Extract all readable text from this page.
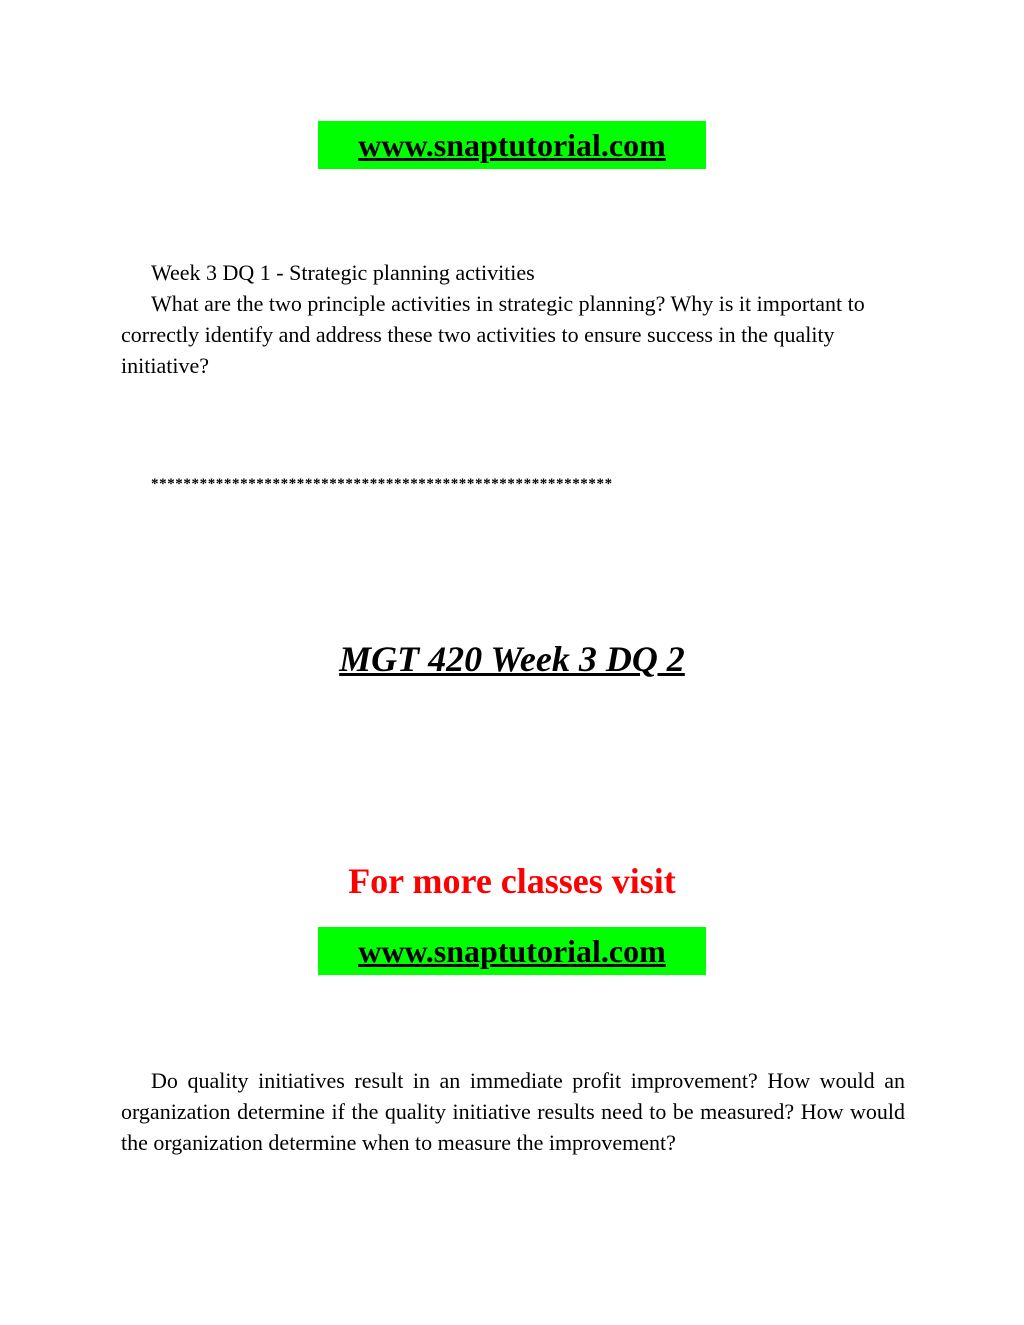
www.snaptutorial.com
Week 3 DQ 1 - Strategic planning activities

What are the two principle activities in strategic planning? Why is it important to correctly identify and address these two activities to ensure success in the quality initiative?

*********************************************************
MGT 420 Week 3 DQ 2
For more classes visit
www.snaptutorial.com

Do quality initiatives result in an immediate profit improvement? How would an organization determine if the quality initiative results need to be measured? How would the organization determine when to measure the improvement?
